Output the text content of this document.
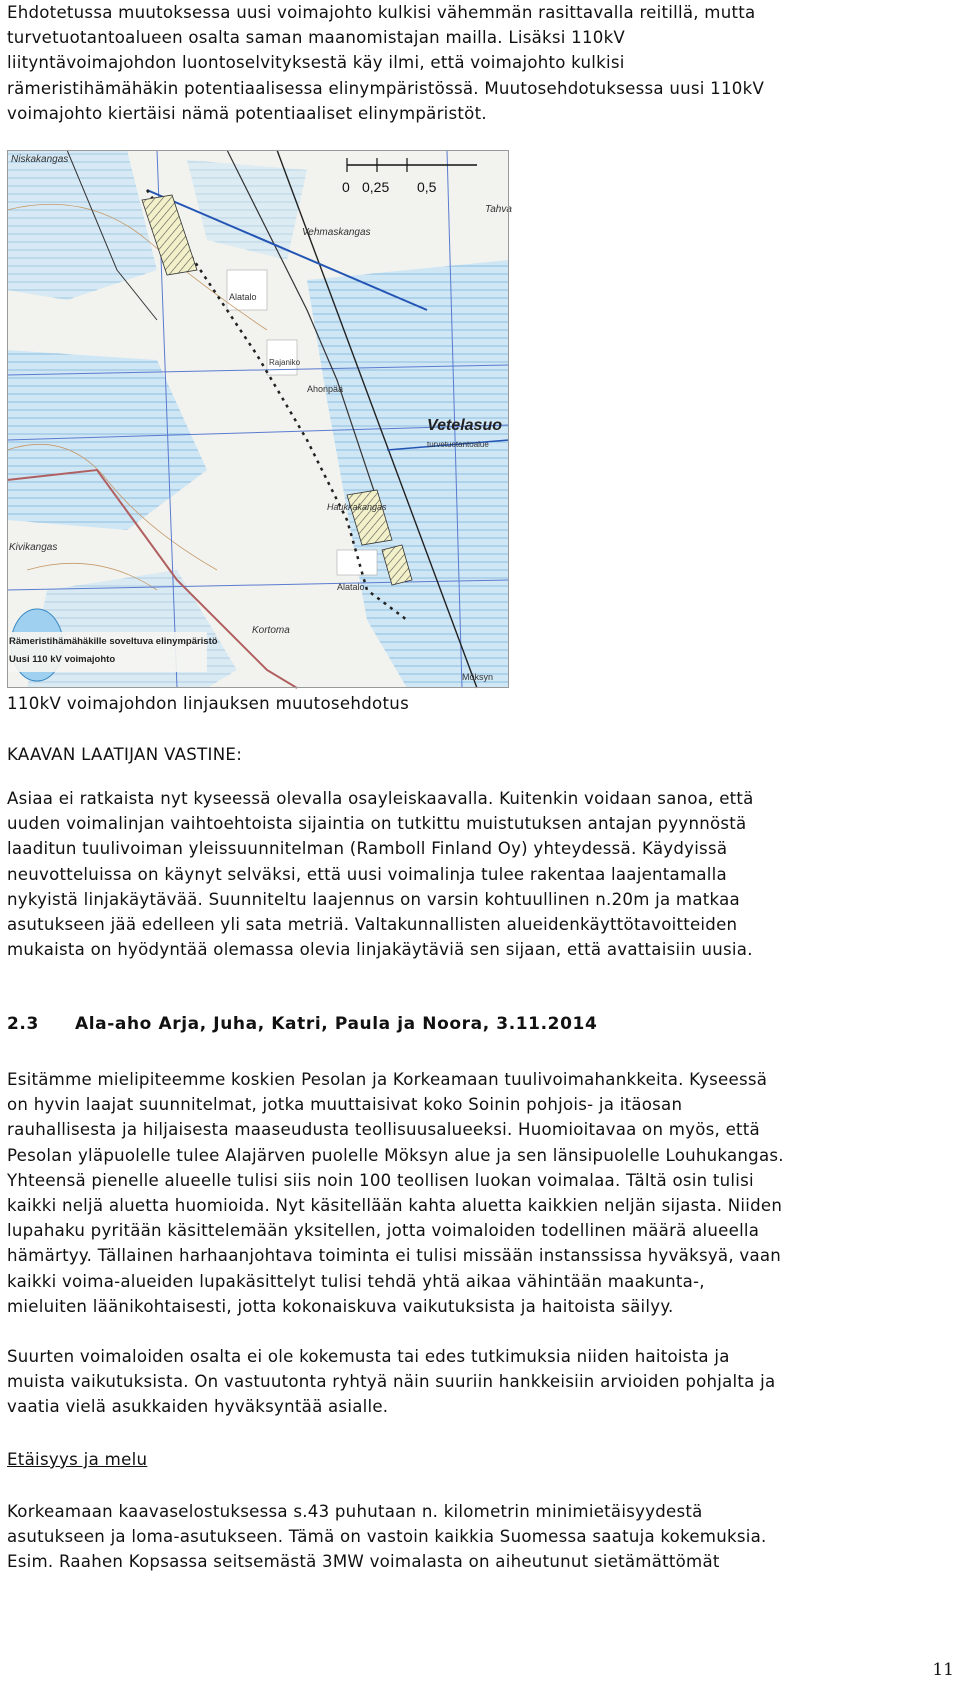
Ehdotetussa muutoksessa uusi voimajohto kulkisi vähemmän rasittavalla reitillä, mutta
turvetuotantoalueen osalta saman maanomistajan mailla. Lisäksi 110kV
liityntävoimajohdon luontoselvityksestä käy ilmi, että voimajohto kulkisi
rämeristihämähäkin potentiaalisessa elinympäristössä. Muutosehdotuksessa uusi 110kV
voimajohto kiertäisi nämä potentiaaliset elinympäristöt.

0 0,25 0,5
Niskakangas
Vehmaskangas
Tahva
Alatalo
Rajaniko
Ahonpää
Vetelasuo
turvetuotantoalue
Haukkakangas
Kivikangas
Alatalo
Kortoma
Möksyn
Rämeristihämähäkille soveltuva elinympäristö
Uusi 110 kV voimajohto

110kV voimajohdon linjauksen muutosehdotus

KAAVAN LAATIJAN VASTINE:

Asiaa ei ratkaista nyt kyseessä olevalla osayleiskaavalla. Kuitenkin voidaan sanoa, että
uuden voimalinjan vaihtoehtoista sijaintia on tutkittu muistutuksen antajan pyynnöstä
laaditun tuulivoiman yleissuunnitelman (Ramboll Finland Oy) yhteydessä. Käydyissä
neuvotteluissa on käynyt selväksi, että uusi voimalinja tulee rakentaa laajentamalla
nykyistä linjakäytävää. Suunniteltu laajennus on varsin kohtuullinen n.20m ja matkaa
asutukseen jää edelleen yli sata metriä. Valtakunnallisten alueidenkäyttötavoitteiden
mukaista on hyödyntää olemassa olevia linjakäytäviä sen sijaan, että avattaisiin uusia.

2.3 Ala-aho Arja, Juha, Katri, Paula ja Noora, 3.11.2014

Esitämme mielipiteemme koskien Pesolan ja Korkeamaan tuulivoimahankkeita. Kyseessä
on hyvin laajat suunnitelmat, jotka muuttaisivat koko Soinin pohjois- ja itäosan
rauhallisesta ja hiljaisesta maaseudusta teollisuusalueeksi. Huomioitavaa on myös, että
Pesolan yläpuolelle tulee Alajärven puolelle Möksyn alue ja sen länsipuolelle Louhukangas.
Yhteensä pienelle alueelle tulisi siis noin 100 teollisen luokan voimalaa. Tältä osin tulisi
kaikki neljä aluetta huomioida. Nyt käsitellään kahta aluetta kaikkien neljän sijasta. Niiden
lupahaku pyritään käsittelemään yksitellen, jotta voimaloiden todellinen määrä alueella
hämärtyy. Tällainen harhaanjohtava toiminta ei tulisi missään instanssissa hyväksyä, vaan
kaikki voima-alueiden lupakäsittelyt tulisi tehdä yhtä aikaa vähintään maakunta-,
mieluiten läänikohtaisesti, jotta kokonaiskuva vaikutuksista ja haitoista säilyy.

Suurten voimaloiden osalta ei ole kokemusta tai edes tutkimuksia niiden haitoista ja
muista vaikutuksista. On vastuutonta ryhtyä näin suuriin hankkeisiin arvioiden pohjalta ja
vaatia vielä asukkaiden hyväksyntää asialle.

Etäisyys ja melu

Korkeamaan kaavaselostuksessa s.43 puhutaan n. kilometrin minimietäisyydestä
asutukseen ja loma-asutukseen. Tämä on vastoin kaikkia Suomessa saatuja kokemuksia.
Esim. Raahen Kopsassa seitsemästä 3MW voimalasta on aiheutunut sietämättömät

11
